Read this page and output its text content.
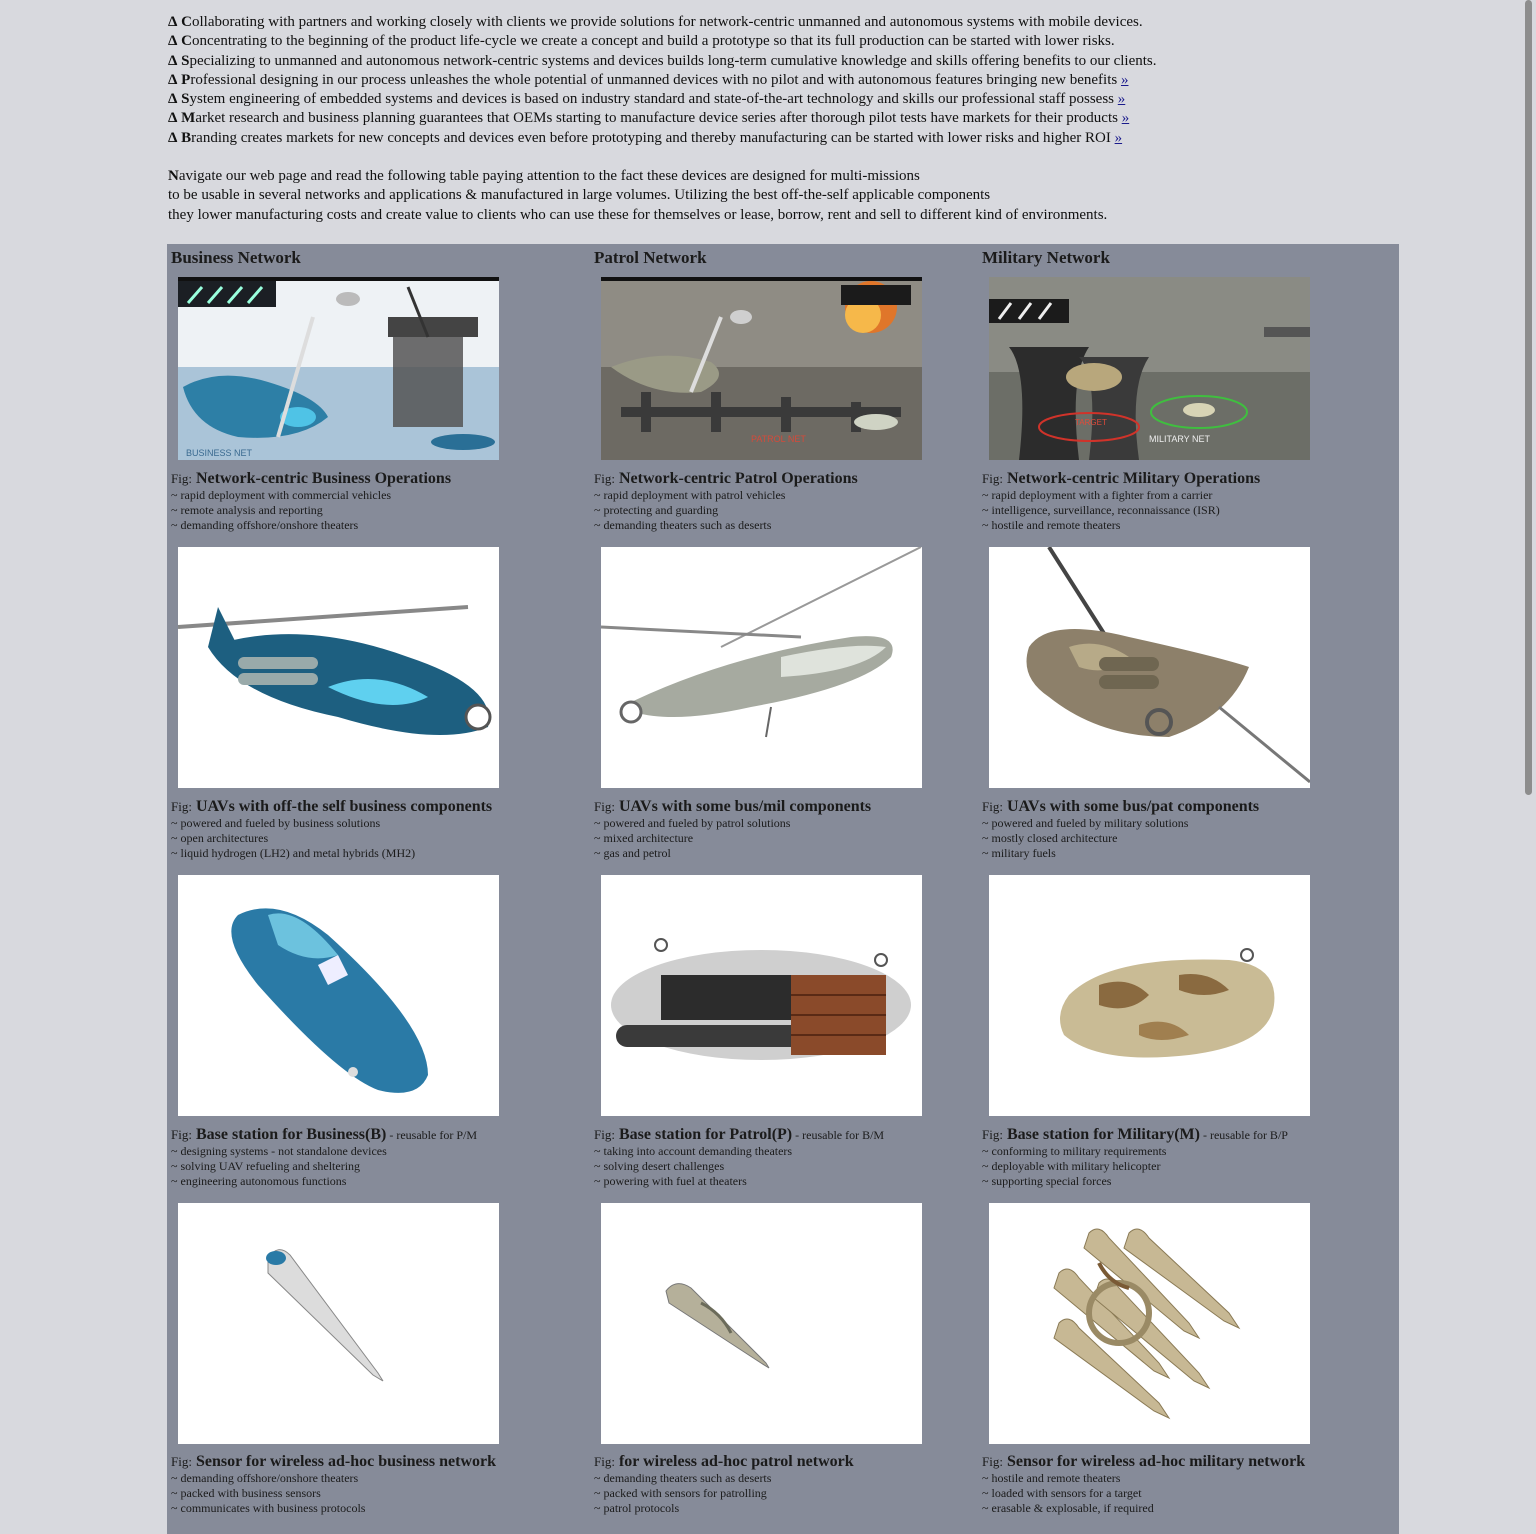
Δ Collaborating with partners and working closely with clients we provide solutions for network-centric unmanned and autonomous systems with mobile devices.
Δ Concentrating to the beginning of the product life-cycle we create a concept and build a prototype so that its full production can be started with lower risks.
Δ Specializing to unmanned and autonomous network-centric systems and devices builds long-term cumulative knowledge and skills offering benefits to our clients.
Δ Professional designing in our process unleashes the whole potential of unmanned devices with no pilot and with autonomous features bringing new benefits »
Δ System engineering of embedded systems and devices is based on industry standard and state-of-the-art technology and skills our professional staff possess »
Δ Market research and business planning guarantees that OEMs starting to manufacture device series after thorough pilot tests have markets for their products »
Δ Branding creates markets for new concepts and devices even before prototyping and thereby manufacturing can be started with lower risks and higher ROI »
Navigate our web page and read the following table paying attention to the fact these devices are designed for multi-missions
to be usable in several networks and applications & manufactured in large volumes. Utilizing the best off-the-self applicable components
they lower manufacturing costs and create value to clients who can use these for themselves or lease, borrow, rent and sell to different kind of environments.
Business Network	Patrol Network	Military Network
BUSINESS NET
PATROL NET	MILITARY NET
TARGET
Fig: Network-centric Business Operations
~ rapid deployment with commercial vehicles
~ remote analysis and reporting
~ demanding offshore/onshore theaters
Fig: Network-centric Patrol Operations
~ rapid deployment with patrol vehicles
~ protecting and guarding
~ demanding theaters such as deserts
Fig: Network-centric Military Operations
~ rapid deployment with a fighter from a carrier
~ intelligence, surveillance, reconnaissance (ISR)
~ hostile and remote theaters
Fig: UAVs with off-the self business components
~ powered and fueled by business solutions
~ open architectures
~ liquid hydrogen (LH2) and metal hybrids (MH2)
Fig: UAVs with some bus/mil components
~ powered and fueled by patrol solutions
~ mixed architecture
~ gas and petrol
Fig: UAVs with some bus/pat components
~ powered and fueled by military solutions
~ mostly closed architecture
~ military fuels
Fig: Base station for Business(B) - reusable for P/M
~ designing systems - not standalone devices
~ solving UAV refueling and sheltering
~ engineering autonomous functions
Fig: Base station for Patrol(P) - reusable for B/M
~ taking into account demanding theaters
~ solving desert challenges
~ powering with fuel at theaters
Fig: Base station for Military(M) - reusable for B/P
~ conforming to military requirements
~ deployable with military helicopter
~ supporting special forces
Fig: Sensor for wireless ad-hoc business network
~ demanding offshore/onshore theaters
~ packed with business sensors
~ communicates with business protocols
Fig: for wireless ad-hoc patrol network
~ demanding theaters such as deserts
~ packed with sensors for patrolling
~ patrol protocols
Fig: Sensor for wireless ad-hoc military network
~ hostile and remote theaters
~ loaded with sensors for a target
~ erasable & explosable, if required
